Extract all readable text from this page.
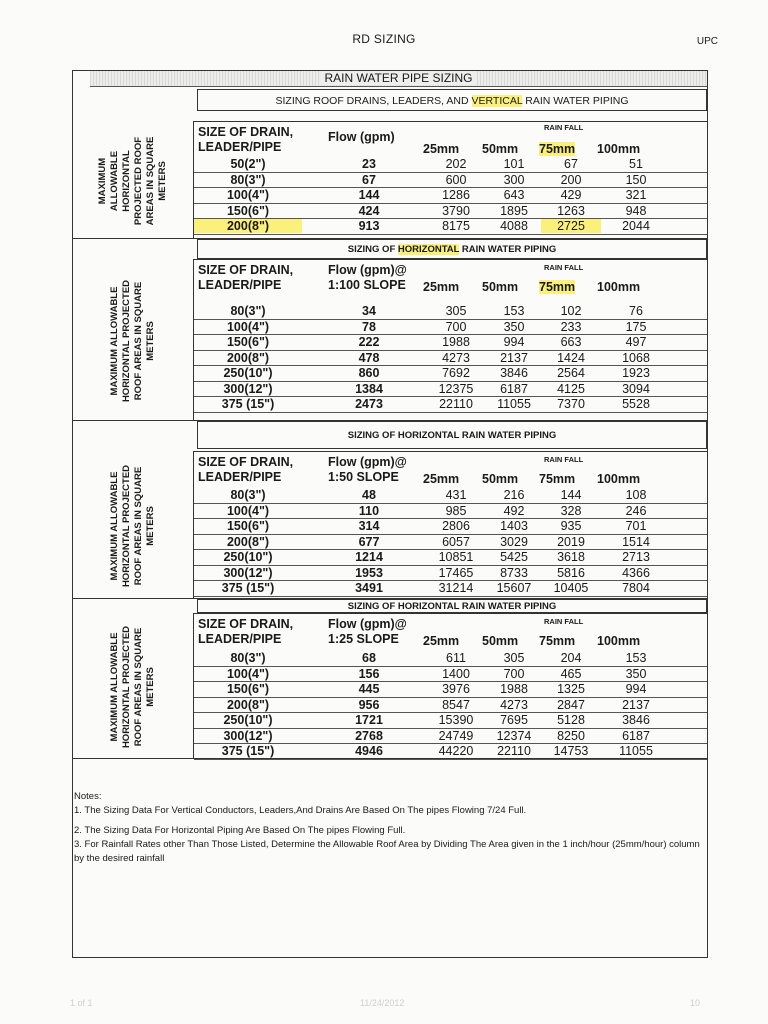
RD SIZING	UPC
RAIN WATER PIPE SIZING
SIZING ROOF DRAINS, LEADERS, AND VERTICAL RAIN WATER PIPING
MAXIMUM
ALLOWABLE
HORIZONTAL
PROJECTED ROOF
AREAS IN SQUARE
METERS
SIZE OF DRAIN,
LEADER/PIPE
Flow (gpm)
RAIN FALL
25mm 50mm 75mm 100mm
50(2")	23	202	101	67	51
80(3")	67	600	300	200	150
100(4")	144	1286	643	429	321
150(6")	424	3790	1895	1263	948
200(8")	913	8175	4088	2725	2044
SIZING OF HORIZONTAL RAIN WATER PIPING
MAXIMUM ALLOWABLE
HORIZONTAL PROJECTED
ROOF AREAS IN SQUARE
METERS
SIZE OF DRAIN,
LEADER/PIPE
Flow (gpm)@
1:100 SLOPE
RAIN FALL
25mm 50mm 75mm 100mm
80(3")	34	305	153	102	76
100(4")	78	700	350	233	175
150(6")	222	1988	994	663	497
200(8")	478	4273	2137	1424	1068
250(10")	860	7692	3846	2564	1923
300(12")	1384	12375	6187	4125	3094
375 (15")	2473	22110	11055	7370	5528
SIZING OF HORIZONTAL RAIN WATER PIPING
MAXIMUM ALLOWABLE
HORIZONTAL PROJECTED
ROOF AREAS IN SQUARE
METERS
SIZE OF DRAIN,
LEADER/PIPE
Flow (gpm)@
1:50 SLOPE
RAIN FALL
25mm 50mm 75mm 100mm
80(3")	48	431	216	144	108
100(4")	110	985	492	328	246
150(6")	314	2806	1403	935	701
200(8")	677	6057	3029	2019	1514
250(10")	1214	10851	5425	3618	2713
300(12")	1953	17465	8733	5816	4366
375 (15")	3491	31214	15607	10405	7804
SIZING OF HORIZONTAL RAIN WATER PIPING
MAXIMUM ALLOWABLE
HORIZONTAL PROJECTED
ROOF AREAS IN SQUARE
METERS
SIZE OF DRAIN,
LEADER/PIPE
Flow (gpm)@
1:25 SLOPE
RAIN FALL
25mm 50mm 75mm 100mm
80(3")	68	611	305	204	153
100(4")	156	1400	700	465	350
150(6")	445	3976	1988	1325	994
200(8")	956	8547	4273	2847	2137
250(10")	1721	15390	7695	5128	3846
300(12")	2768	24749	12374	8250	6187
375 (15")	4946	44220	22110	14753	11055

Notes:

1. The Sizing Data For Vertical Conductors, Leaders,And Drains Are Based On The pipes Flowing 7/24 Full.

2. The Sizing Data For Horizontal Piping Are Based On The pipes Flowing Full.

3. For Rainfall Rates other Than Those Listed, Determine the Allowable Roof Area by Dividing The Area given in the 1 inch/hour (25mm/hour) column by the desired rainfall

1 of 1	11/24/2012	10
